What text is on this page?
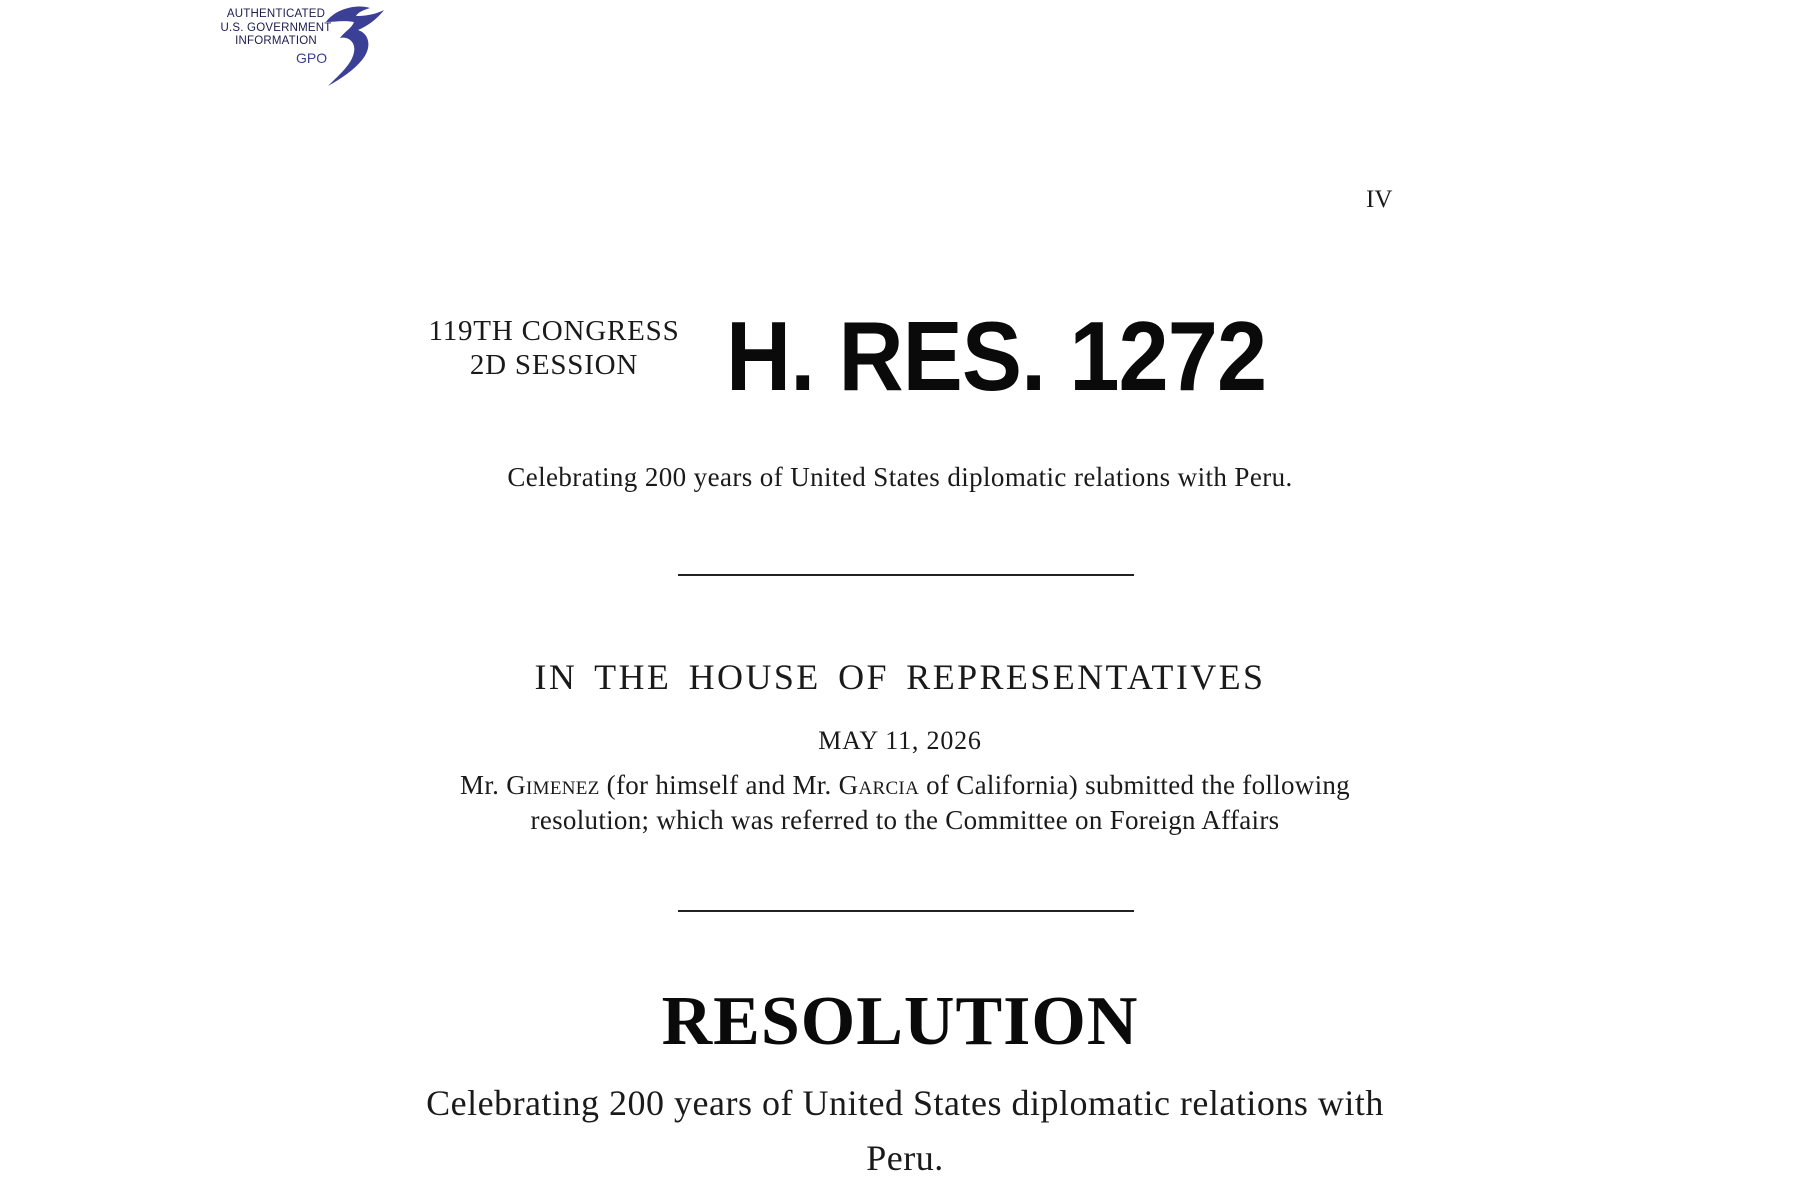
AUTHENTICATED
U.S. GOVERNMENT
INFORMATION
GPO
IV
119TH CONGRESS
2D SESSION H. RES. 1272
Celebrating 200 years of United States diplomatic relations with Peru.
IN THE HOUSE OF REPRESENTATIVES
MAY 11, 2026
Mr. Gimenez (for himself and Mr. Garcia of California) submitted the following resolution; which was referred to the Committee on Foreign Affairs
RESOLUTION
Celebrating 200 years of United States diplomatic relations with Peru.
